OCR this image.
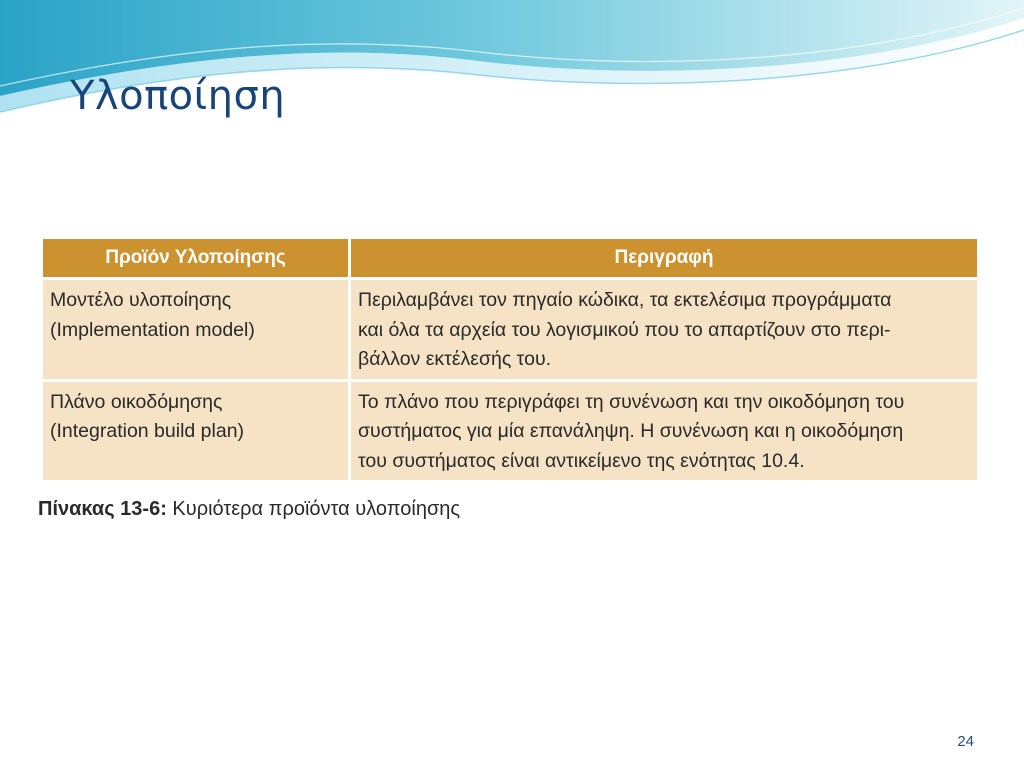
Υλοποίηση
Προϊόν Υλοποίησης	Περιγραφή

Μοντέλο υλοποίησης
(Implementation model)	Περιλαμβάνει τον πηγαίο κώδικα, τα εκτελέσιμα προγράμματα
και όλα τα αρχεία του λογισμικού που το απαρτίζουν στο περι-
βάλλον εκτέλεσής του.

Πλάνο οικοδόμησης
(Integration build plan)	Το πλάνο που περιγράφει τη συνένωση και την οικοδόμηση του
συστήματος για μία επανάληψη. Η συνένωση και η οικοδόμηση
του συστήματος είναι αντικείμενο της ενότητας 10.4.
Πίνακας 13-6: Κυριότερα προϊόντα υλοποίησης
24
